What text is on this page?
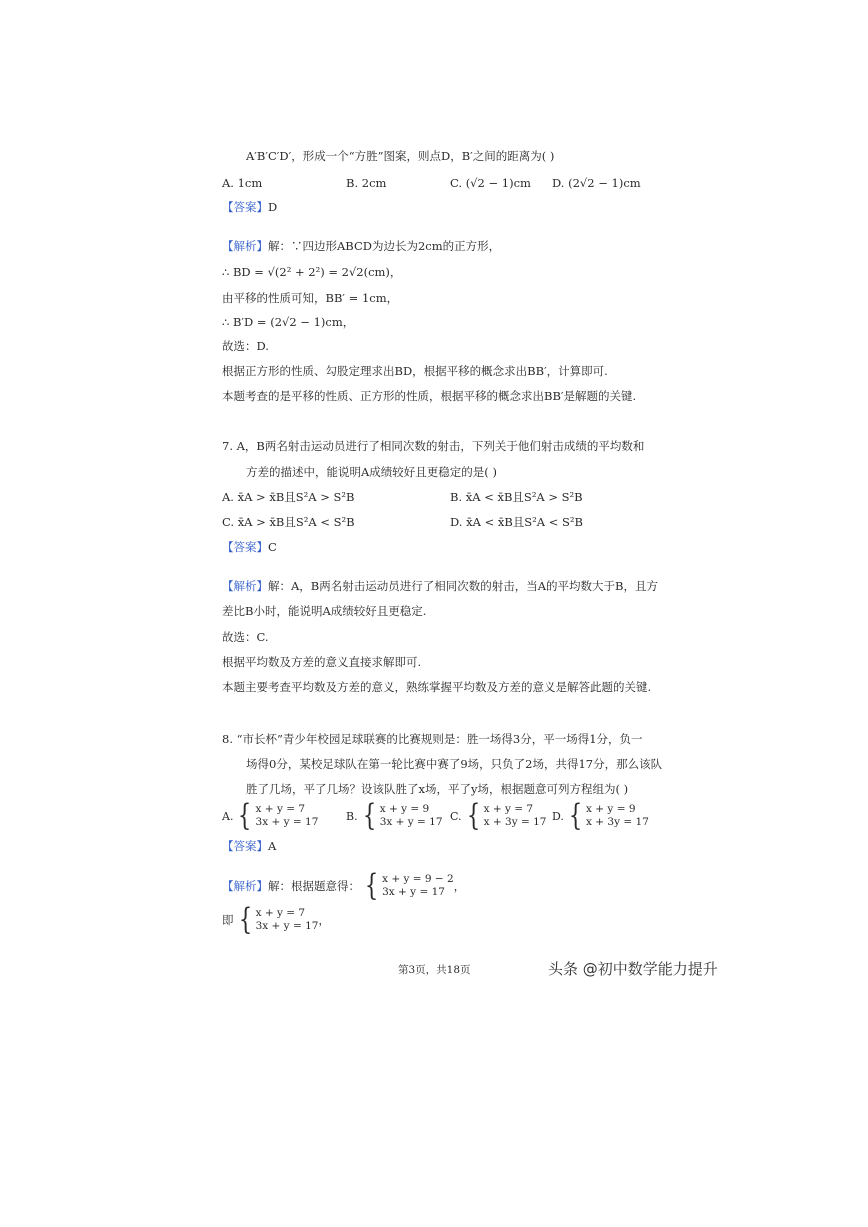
A′B′C′D′，形成一个“方胜”图案，则点D，B′之间的距离为( )
A. 1cm	B. 2cm	C. (√2 − 1)cm D. (2√2 − 1)cm
【答案】D
【解析】解：∵四边形ABCD为边长为2cm的正方形，
∴ BD = √(2² + 2²) = 2√2(cm)，
由平移的性质可知，BB′ = 1cm，
∴ B′D = (2√2 − 1)cm，
故选：D.
根据正方形的性质、勾股定理求出BD，根据平移的概念求出BB′，计算即可.
本题考查的是平移的性质、正方形的性质，根据平移的概念求出BB′是解题的关键.
7. A，B两名射击运动员进行了相同次数的射击，下列关于他们射击成绩的平均数和
方差的描述中，能说明A成绩较好且更稳定的是( )
A. x̄A > x̄B且S²A > S²B	B. x̄A < x̄B且S²A > S²B
C. x̄A > x̄B且S²A < S²B	D. x̄A < x̄B且S²A < S²B
【答案】C
【解析】解：A，B两名射击运动员进行了相同次数的射击，当A的平均数大于B，且方
差比B小时，能说明A成绩较好且更稳定.
故选：C.
根据平均数及方差的意义直接求解即可.
本题主要考查平均数及方差的意义，熟练掌握平均数及方差的意义是解答此题的关键.
8. “市长杯”青少年校园足球联赛的比赛规则是：胜一场得3分，平一场得1分，负一
场得0分，某校足球队在第一轮比赛中赛了9场，只负了2场，共得17分，那么该队
胜了几场，平了几场？设该队胜了x场，平了y场，根据题意可列方程组为( )
A. { x + y = 7
3x + y = 17	B. { x + y = 9
3x + y = 17 C. { x + y = 7
x + 3y = 17 D. { x + y = 9
x + 3y = 17
【答案】A
【解析】 解：根据题意得： { x + y = 9 − 2
3x + y = 17 ，
即 { x + y = 7
3x + y = 17 ，
第3页，共18页	头条 @初中数学能力提升
